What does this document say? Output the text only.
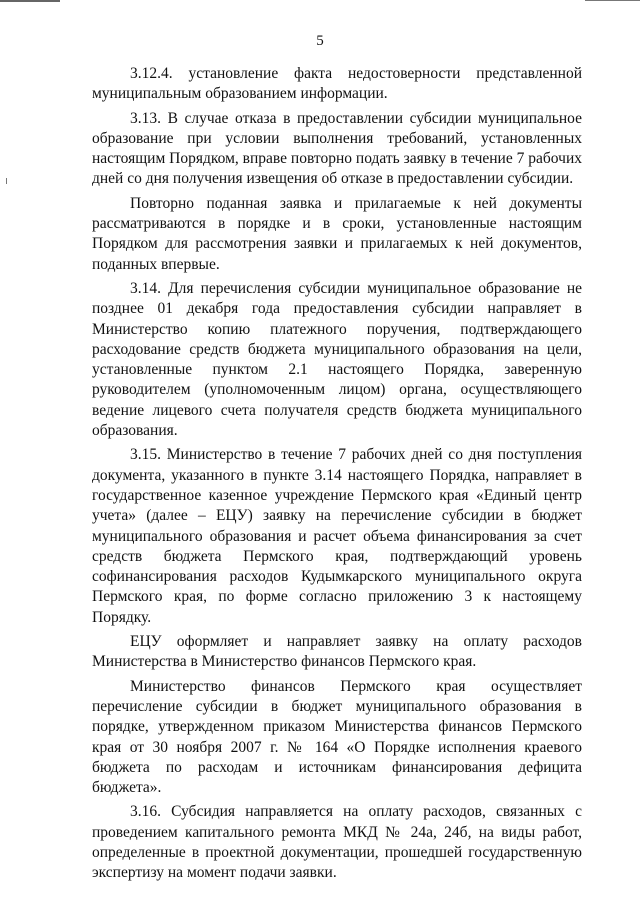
5

3.12.4. установление факта недостоверности представленной муниципальным образованием информации.

3.13. В случае отказа в предоставлении субсидии муниципальное образование при условии выполнения требований, установленных настоящим Порядком, вправе повторно подать заявку в течение 7 рабочих дней со дня получения извещения об отказе в предоставлении субсидии.

Повторно поданная заявка и прилагаемые к ней документы рассматриваются в порядке и в сроки, установленные настоящим Порядком для рассмотрения заявки и прилагаемых к ней документов, поданных впервые.

3.14. Для перечисления субсидии муниципальное образование не позднее 01 декабря года предоставления субсидии направляет в Министерство копию платежного поручения, подтверждающего расходование средств бюджета муниципального образования на цели, установленные пунктом 2.1 настоящего Порядка, заверенную руководителем (уполномоченным лицом) органа, осуществляющего ведение лицевого счета получателя средств бюджета муниципального образования.

3.15. Министерство в течение 7 рабочих дней со дня поступления документа, указанного в пункте 3.14 настоящего Порядка, направляет в государственное казенное учреждение Пермского края «Единый центр учета» (далее – ЕЦУ) заявку на перечисление субсидии в бюджет муниципального образования и расчет объема финансирования за счет средств бюджета Пермского края, подтверждающий уровень софинансирования расходов Кудымкарского муниципального округа Пермского края, по форме согласно приложению 3 к настоящему Порядку.

ЕЦУ оформляет и направляет заявку на оплату расходов Министерства в Министерство финансов Пермского края.

Министерство финансов Пермского края осуществляет перечисление субсидии в бюджет муниципального образования в порядке, утвержденном приказом Министерства финансов Пермского края от 30 ноября 2007 г. № 164 «О Порядке исполнения краевого бюджета по расходам и источникам финансирования дефицита бюджета».

3.16. Субсидия направляется на оплату расходов, связанных с проведением капитального ремонта МКД № 24а, 24б, на виды работ, определенные в проектной документации, прошедшей государственную экспертизу на момент подачи заявки.
